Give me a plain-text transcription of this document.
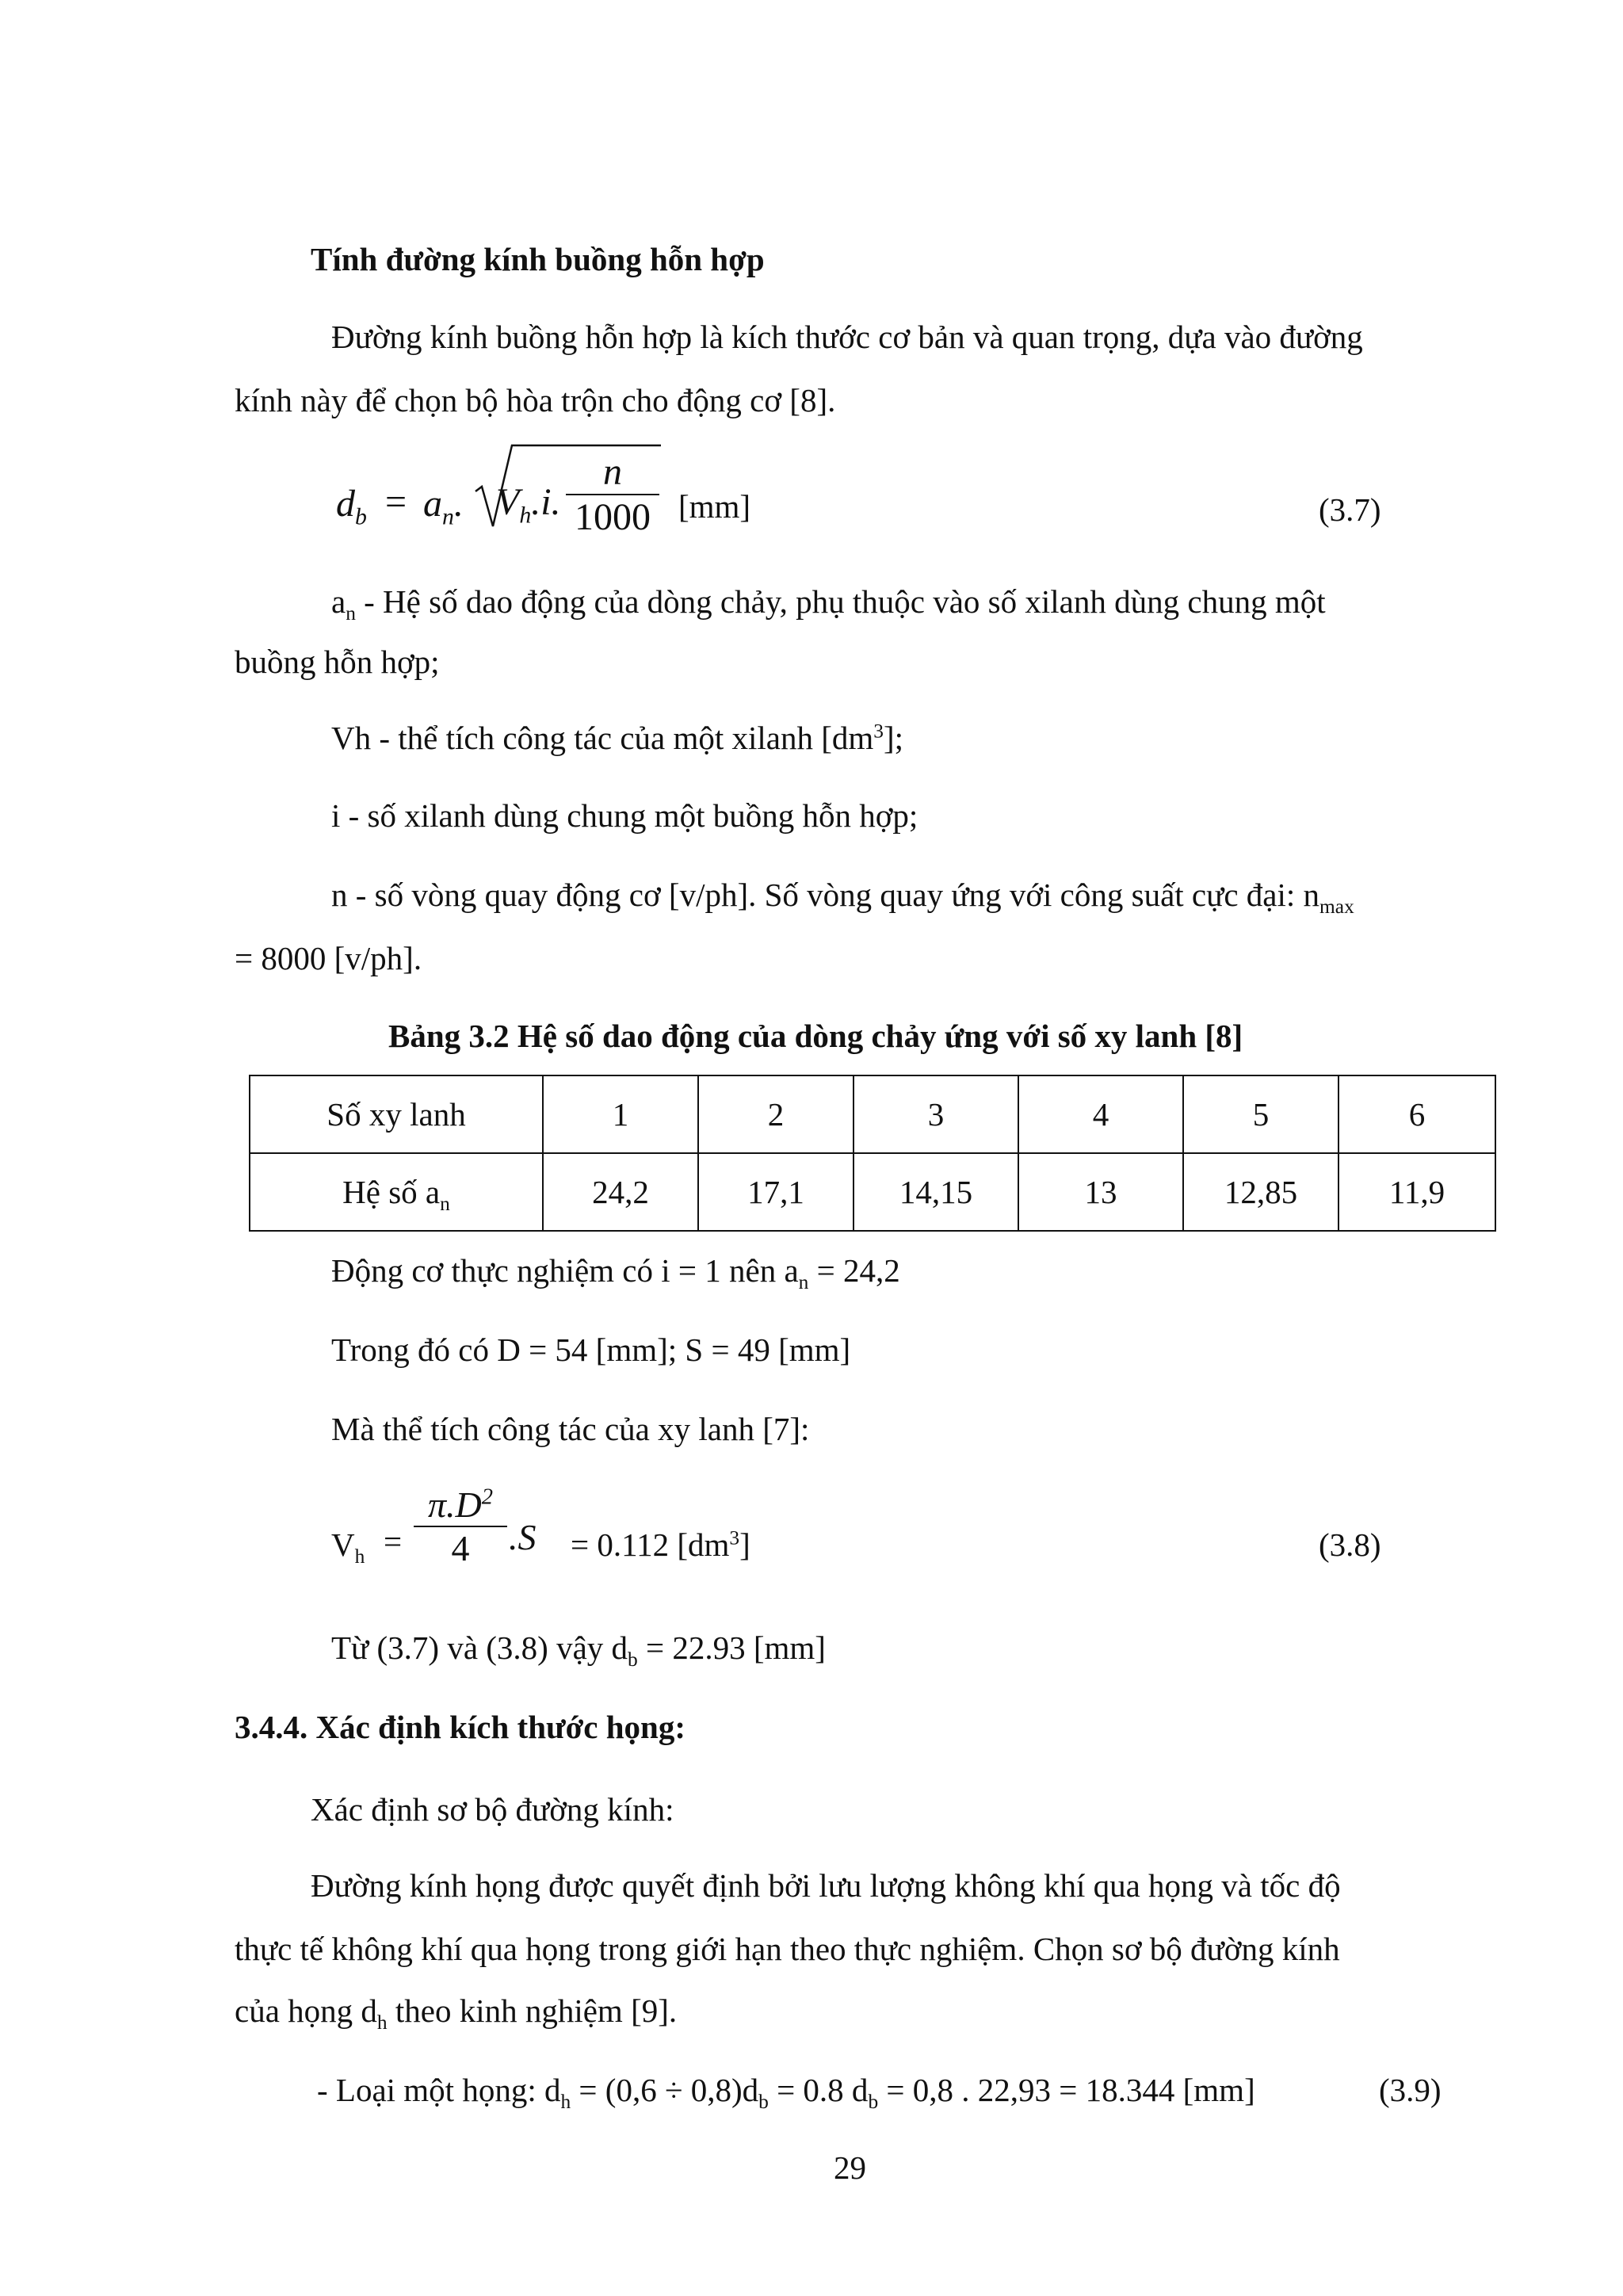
Tính đường kính buồng hỗn hợp
Đường kính buồng hỗn hợp là kích thước cơ bản và quan trọng, dựa vào đường
kính này để chọn bộ hòa trộn cho động cơ [8].
$d_b = a_n$. $V_h.i$.
n
1000 [mm]	(3.7)
$a_n$ - Hệ số dao động của dòng chảy, phụ thuộc vào số xilanh dùng chung một
buồng hỗn hợp;
Vh - thể tích công tác của một xilanh $[dm^3]$;
i - số xilanh dùng chung một buồng hỗn hợp;
n - số vòng quay động cơ [v/ph]. Số vòng quay ứng với công suất cực đại: $n_{max}$
= 8000 [v/ph].
Bảng 3.2 Hệ số dao động của dòng chảy ứng với số xy lanh [8]
Số xy lanh	1	2	3	4	5	6
Hệ số $a_n$	24,2	17,1	14,15	13	12,85	11,9
Động cơ thực nghiệm có i = 1 nên $a_n = 24,2$
Trong đó có D = 54 [mm]; S = 49 [mm]
Mà thể tích công tác của xy lanh [7]:
$V_h$ =
$\pi.D^2$
4	.S = 0.112 $[dm^3]$	(3.8)
Từ (3.7) và (3.8) vậy $d_b = 22.93$ [mm]
3.4.4. Xác định kích thước họng:
Xác định sơ bộ đường kính:
Đường kính họng được quyết định bởi lưu lượng không khí qua họng và tốc độ
thực tế không khí qua họng trong giới hạn theo thực nghiệm. Chọn sơ bộ đường kính
của họng $d_h$ theo kinh nghiệm [9].
- Loại một họng: $d_h = (0,6 \div 0,8)d_b = 0.8$ $d_b = 0,8$ . 22,93 = 18.344 [mm]	(3.9)
29
